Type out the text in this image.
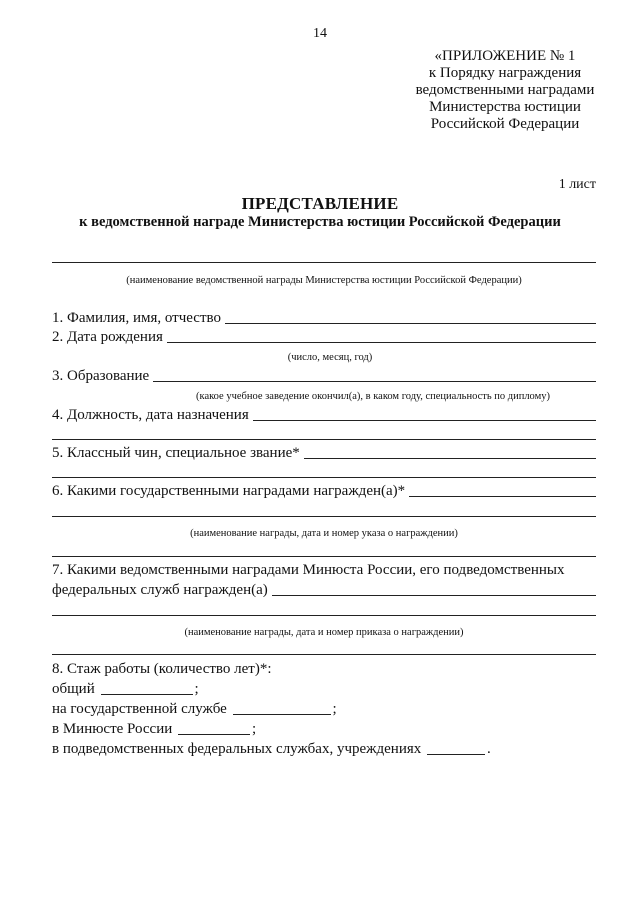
14
«ПРИЛОЖЕНИЕ № 1
к Порядку награждения
ведомственными наградами
Министерства юстиции
Российской Федерации
1 лист
ПРЕДСТАВЛЕНИЕ
к ведомственной награде Министерства юстиции Российской Федерации
(наименование ведомственной награды Министерства юстиции Российской Федерации)
1. Фамилия, имя, отчество
2. Дата рождения
(число, месяц, год)
3. Образование
(какое учебное заведение окончил(а), в каком году, специальность по диплому)
4. Должность, дата назначения
5. Классный чин, специальное звание*
6. Какими государственными наградами награжден(а)*
(наименование награды, дата и номер указа о награждении)
7. Какими ведомственными наградами Минюста России, его подведомственных
федеральных служб награжден(а)
(наименование награды, дата и номер приказа о награждении)
8. Стаж работы (количество лет)*:
общий	;
на государственной службе	;
в Минюсте России	;
в подведомственных федеральных службах, учреждениях	.
